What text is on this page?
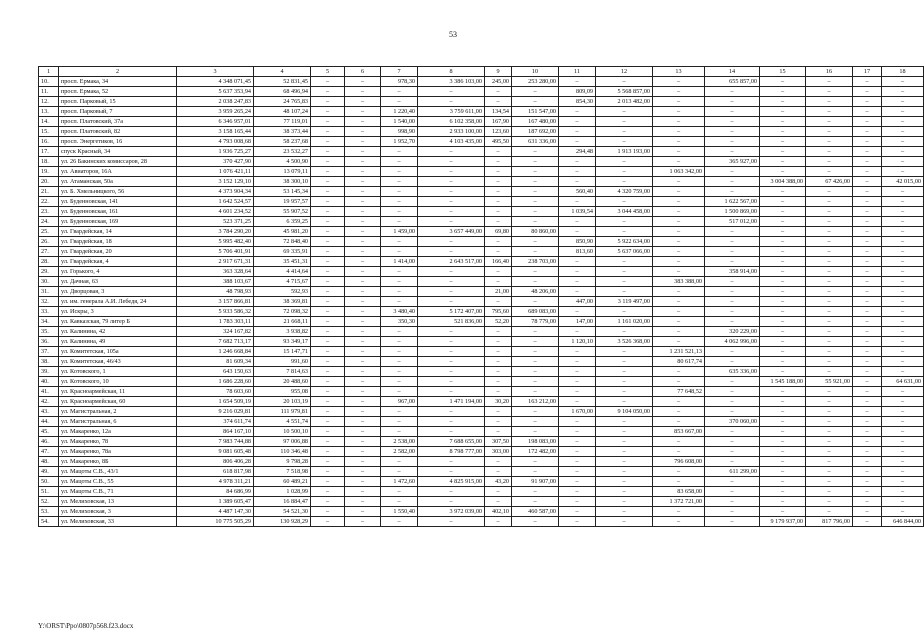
53
1	2	3	4	5	6	7	8	9	10	11	12	13	14	15	16	17	18
10.	просп. Ермака, 34	4 348 071,45	52 831,45	–	–	978,30	3 386 103,00	245,00	253 280,00	–	–	–	655 857,00	–	–	–	–
11.	просп. Ермака, 52	5 637 353,94	68 496,94	–	–	–	–	–	–	809,09	5 568 857,00	–	–	–	–	–	–
12.	просп. Парковый, 15	2 038 247,83	24 765,83	–	–	–	–	–	–	854,30	2 013 482,00	–	–	–	–	–	–
13.	просп. Парковый, 7	3 959 265,24	48 107,24	–	–	1 220,40	3 759 611,00	134,54	151 547,00	–	–	–	–	–	–	–	–
14.	просп. Платовский, 37а	6 346 957,01	77 119,01	–	–	1 540,00	6 102 358,00	167,90	167 480,00	–	–	–	–	–	–	–	–
15.	просп. Платовский, 82	3 158 165,44	38 373,44	–	–	998,90	2 933 100,00	123,60	187 692,00	–	–	–	–	–	–	–	–
16.	просп. Энергетиков, 16	4 793 008,68	58 237,68	–	–	1 952,70	4 103 435,00	495,50	631 336,00	–	–	–	–	–	–	–	–
17.	спуск Красный, 34	1 936 725,27	23 532,27	–	–	–	–	–	–	294,48	1 913 193,00	–	–	–	–	–	–
18.	ул. 26 Бакинских комиссаров, 28	370 427,90	4 500,90	–	–	–	–	–	–	–	–	–	365 927,00	–	–	–	–
19.	ул. Авиаторов, 16А	1 076 421,11	13 079,11	–	–	–	–	–	–	–	–	1 063 342,00	–	–	–	–	–
20.	ул. Атаманская, 50а	3 152 129,10	38 300,10	–	–	–	–	–	–	–	–	–	–	3 004 388,00	67 426,00	–	42 015,00
21.	ул. Б. Хмельницкого, 56	4 373 904,34	53 145,34	–	–	–	–	–	–	560,40	4 320 759,00	–	–	–	–	–	–
22.	ул. Буденновская, 141	1 642 524,57	19 957,57	–	–	–	–	–	–	–	–	–	1 622 567,00	–	–	–	–
23.	ул. Буденновская, 161	4 601 234,52	55 907,52	–	–	–	–	–	–	1 039,54	3 044 458,00	–	1 500 869,00	–	–	–	–
24.	ул. Буденновская, 169	523 371,25	6 359,25	–	–	–	–	–	–	–	–	–	517 012,00	–	–	–	–
25.	ул. Гвардейская, 14	3 784 290,20	45 981,20	–	–	1 459,00	3 657 449,00	69,80	80 860,00	–	–	–	–	–	–	–	–
26.	ул. Гвардейская, 18	5 995 482,40	72 848,40	–	–	–	–	–	–	850,90	5 922 634,00	–	–	–	–	–	–
27.	ул. Гвардейская, 20	5 706 401,91	69 335,91	–	–	–	–	–	–	813,60	5 637 066,00	–	–	–	–	–	–
28.	ул. Гвардейская, 4	2 917 671,31	35 451,31	–	–	1 414,00	2 643 517,00	166,40	238 703,00	–	–	–	–	–	–	–	–
29.	ул. Горького, 4	363 328,64	4 414,64	–	–	–	–	–	–	–	–	–	358 914,00	–	–	–	–
30.	ул. Дачная, 63	388 103,67	4 715,67	–	–	–	–	–	–	–	–	383 388,00	–	–	–	–	–
31.	ул. Дворцовая, 3	48 798,93	592,93	–	–	–	–	21,00	48 206,00	–	–	–	–	–	–	–	–
32.	ул. им. генерала А.И. Лебедя, 24	3 157 866,81	38 369,81	–	–	–	–	–	–	447,00	3 119 497,00	–	–	–	–	–	–
33.	ул. Искры, 3	5 933 586,32	72 098,32	–	–	3 480,40	5 172 407,00	795,60	689 083,00	–	–	–	–	–	–	–	–
34.	ул. Кавказская, 79 литер Б	1 783 303,11	21 668,11	–	–	350,30	521 836,00	52,20	78 779,00	147,00	1 161 020,00	–	–	–	–	–	–
35.	ул. Калинина, 42	324 167,82	3 938,82	–	–	–	–	–	–	–	–	–	320 229,00	–	–	–	–
36.	ул. Калинина, 49	7 682 713,17	93 349,17	–	–	–	–	–	–	1 120,10	3 526 368,00	–	4 062 996,00	–	–	–	–
37.	ул. Комитетская, 105а	1 246 668,84	15 147,71	–	–	–	–	–	–	–	–	1 231 521,13	–	–	–	–	–
38.	ул. Комитетская, 46/43	81 609,34	991,60	–	–	–	–	–	–	–	–	80 617,74	–	–	–	–	–
39.	ул. Котовского, 1	643 150,63	7 814,63	–	–	–	–	–	–	–	–	–	635 336,00	–	–	–	–
40.	ул. Котовского, 10	1 686 228,60	20 488,60	–	–	–	–	–	–	–	–	–	–	1 545 188,00	55 921,00	–	64 631,00
41.	ул. Красноармейская, 11	78 603,60	955,08	–	–	–	–	–	–	–	–	77 648,52	–	–	–	–	–
42.	ул. Красноармейская, 60	1 654 509,19	20 103,19	–	–	967,00	1 471 194,00	30,20	163 212,00	–	–	–	–	–	–	–	–
43.	ул. Магистральная, 2	9 216 029,81	111 979,81	–	–	–	–	–	–	1 670,00	9 104 050,00	–	–	–	–	–	–
44.	ул. Магистральная, 6	374 611,74	4 551,74	–	–	–	–	–	–	–	–	–	370 060,00	–	–	–	–
45.	ул. Макаренко, 12а	864 167,10	10 500,10	–	–	–	–	–	–	–	–	853 667,00	–	–	–	–	–
46.	ул. Макаренко, 78	7 983 744,88	97 006,88	–	–	2 538,00	7 688 655,00	307,50	198 083,00	–	–	–	–	–	–	–	–
47.	ул. Макаренко, 78а	9 081 605,48	110 346,48	–	–	2 582,00	8 798 777,00	303,00	172 482,00	–	–	–	–	–	–	–	–
48.	ул. Макаренко, 8Б	806 406,28	9 798,28	–	–	–	–	–	–	–	–	796 608,00	–	–	–	–	–
49.	ул. Мацоты С.В., 43/1	618 817,98	7 518,98	–	–	–	–	–	–	–	–	–	611 299,00	–	–	–	–
50.	ул. Мацоты С.В., 55	4 978 311,21	60 489,21	–	–	1 472,60	4 825 915,00	43,20	91 907,00	–	–	–	–	–	–	–	–
51.	ул. Мацоты С.В., 71	84 686,99	1 028,99	–	–	–	–	–	–	–	–	83 658,00	–	–	–	–	–
52.	ул. Мелиховская, 13	1 389 605,47	16 884,47	–	–	–	–	–	–	–	–	1 372 721,00	–	–	–	–	–
53.	ул. Мелиховская, 3	4 487 147,30	54 521,30	–	–	1 550,40	3 972 039,00	402,10	460 587,00	–	–	–	–	–	–	–	–
54.	ул. Мелиховская, 33	10 775 505,29	130 928,29	–	–	–	–	–	–	–	–	–	–	9 179 937,00	817 796,00	–	646 844,00
Y:\ORST\Ppo\0807p568.f23.docx
